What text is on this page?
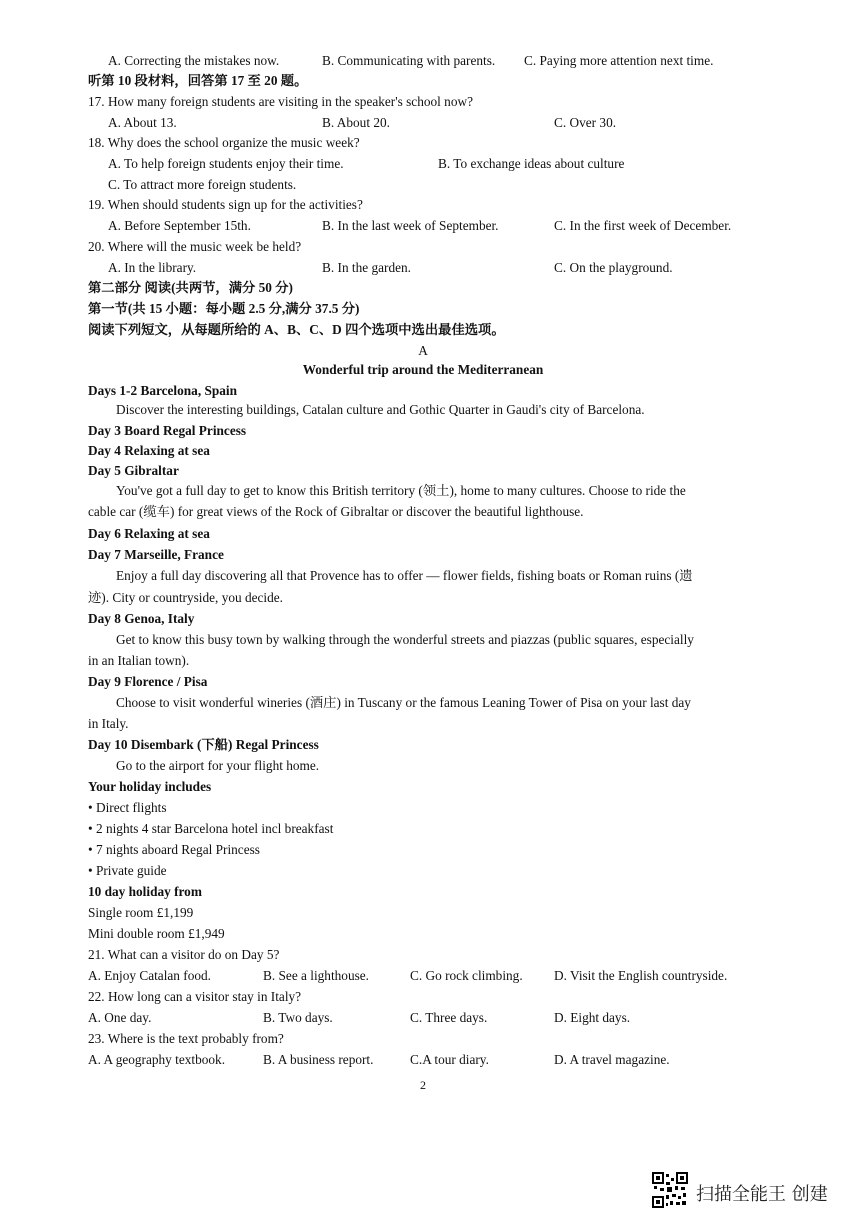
A. Correcting the mistakes now.	B. Communicating with parents. C. Paying more attention next time.
听第 10 段材料，回答第 17 至 20 题。
17. How many foreign students are visiting in the speaker's school now?
A. About 13.	B. About 20.	C. Over 30.
18. Why does the school organize the music week?
A. To help foreign students enjoy their time.	B. To exchange ideas about culture
C. To attract more foreign students.
19. When should students sign up for the activities?
A. Before September 15th.	B. In the last week of September.	C. In the first week of December.
20. Where will the music week be held?
A. In the library.	B. In the garden.	C. On the playground.
第二部分 阅读(共两节，满分 50 分)
第一节(共 15 小题：每小题 2.5 分,满分 37.5 分)
阅读下列短文，从每题所给的 A、B、C、D 四个选项中选出最佳选项。
A
Wonderful trip around the Mediterranean
Days 1-2 Barcelona, Spain
Discover the interesting buildings, Catalan culture and Gothic Quarter in Gaudi's city of Barcelona.
Day 3 Board Regal Princess
Day 4 Relaxing at sea
Day 5 Gibraltar
You've got a full day to get to know this British territory (领土), home to many cultures. Choose to ride the
cable car (缆车) for great views of the Rock of Gibraltar or discover the beautiful lighthouse.
Day 6 Relaxing at sea
Day 7 Marseille, France
Enjoy a full day discovering all that Provence has to offer — flower fields, fishing boats or Roman ruins (遗
迹). City or countryside, you decide.
Day 8 Genoa, Italy
Get to know this busy town by walking through the wonderful streets and piazzas (public squares, especially
in an Italian town).
Day 9 Florence / Pisa
Choose to visit wonderful wineries (酒庄) in Tuscany or the famous Leaning Tower of Pisa on your last day
in Italy.
Day 10 Disembark (下船) Regal Princess
Go to the airport for your flight home.
Your holiday includes
• Direct flights
• 2 nights 4 star Barcelona hotel incl breakfast
• 7 nights aboard Regal Princess
• Private guide
10 day holiday from
Single room £1,199
Mini double room £1,949
21. What can a visitor do on Day 5?
A. Enjoy Catalan food.	B. See a lighthouse.	C. Go rock climbing. D. Visit the English countryside.
22. How long can a visitor stay in Italy?
A. One day.	B. Two days.	C. Three days.	D. Eight days.
23. Where is the text probably from?
A. A geography textbook.	B. A business report.	C.A tour diary.	D. A travel magazine.
2
扫描全能王 创建
